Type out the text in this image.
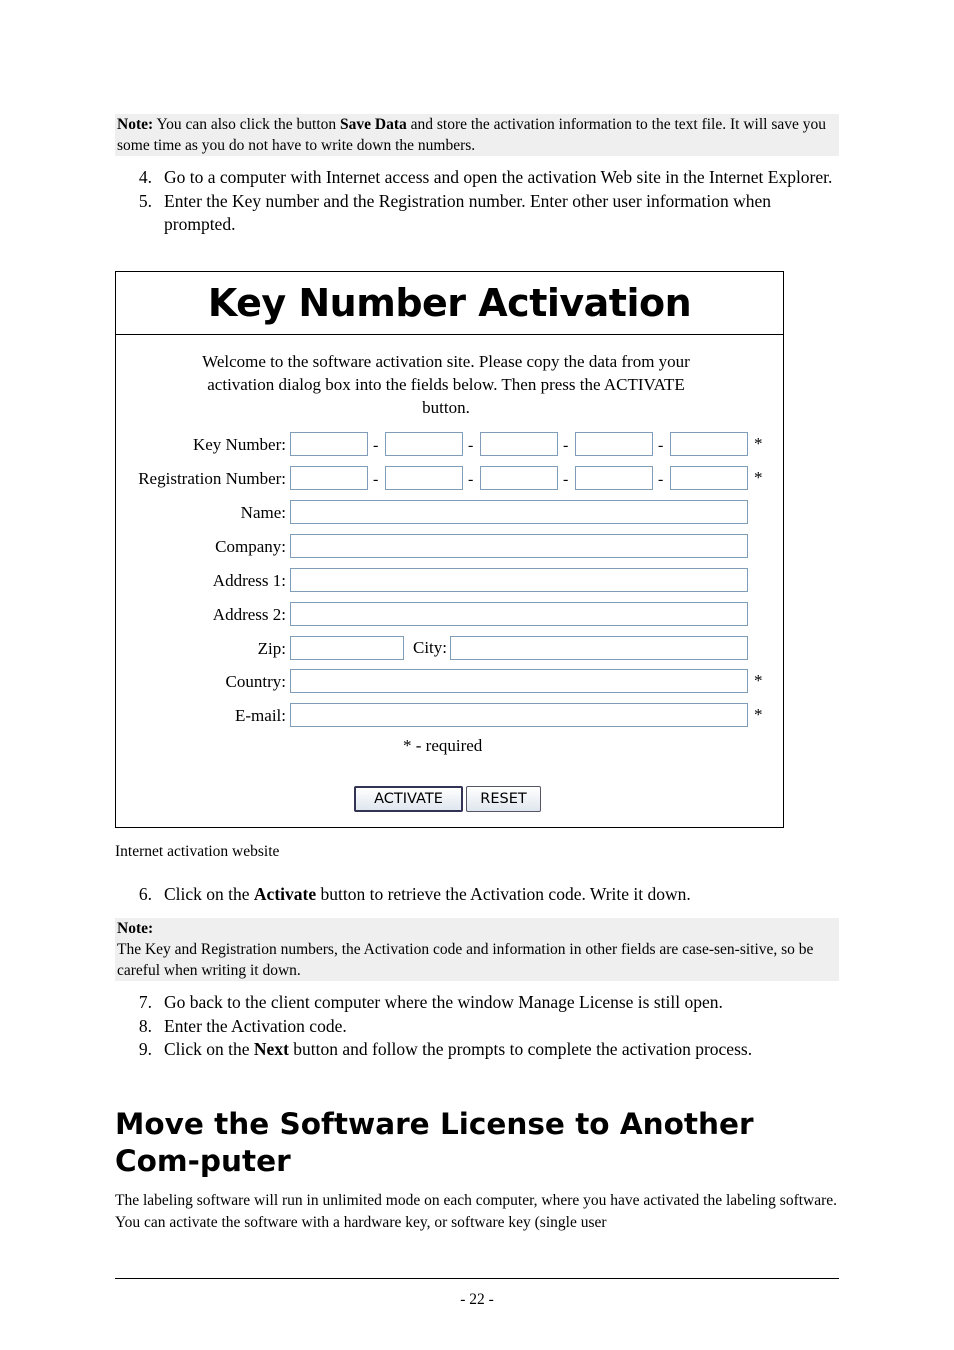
Note: You can also click the button Save Data and store the activation information to the text file. It will save you some time as you do not have to write down the numbers.
4. Go to a computer with Internet access and open the activation Web site in the Internet Explorer.
5. Enter the Key number and the Registration number. Enter other user information when prompted.
Key Number Activation
Welcome to the software activation site. Please copy the data from your activation dialog box into the fields below. Then press the ACTIVATE button.
Key Number:	-	-	-	-	*
Registration Number:	-	-	-	-	*
Name:
Company:
Address 1:
Address 2:
Zip:	City:
Country:	*
E-mail:	*
* - required
ACTIVATE	RESET
Internet activation website
6. Click on the Activate button to retrieve the Activation code. Write it down.
Note:
The Key and Registration numbers, the Activation code and information in other fields are case-sen-sitive, so be careful when writing it down.
7. Go back to the client computer where the window Manage License is still open.
8. Enter the Activation code.
9. Click on the Next button and follow the prompts to complete the activation process.
Move the Software License to Another Com-puter
The labeling software will run in unlimited mode on each computer, where you have activated the labeling software. You can activate the software with a hardware key, or software key (single user
- 22 -
